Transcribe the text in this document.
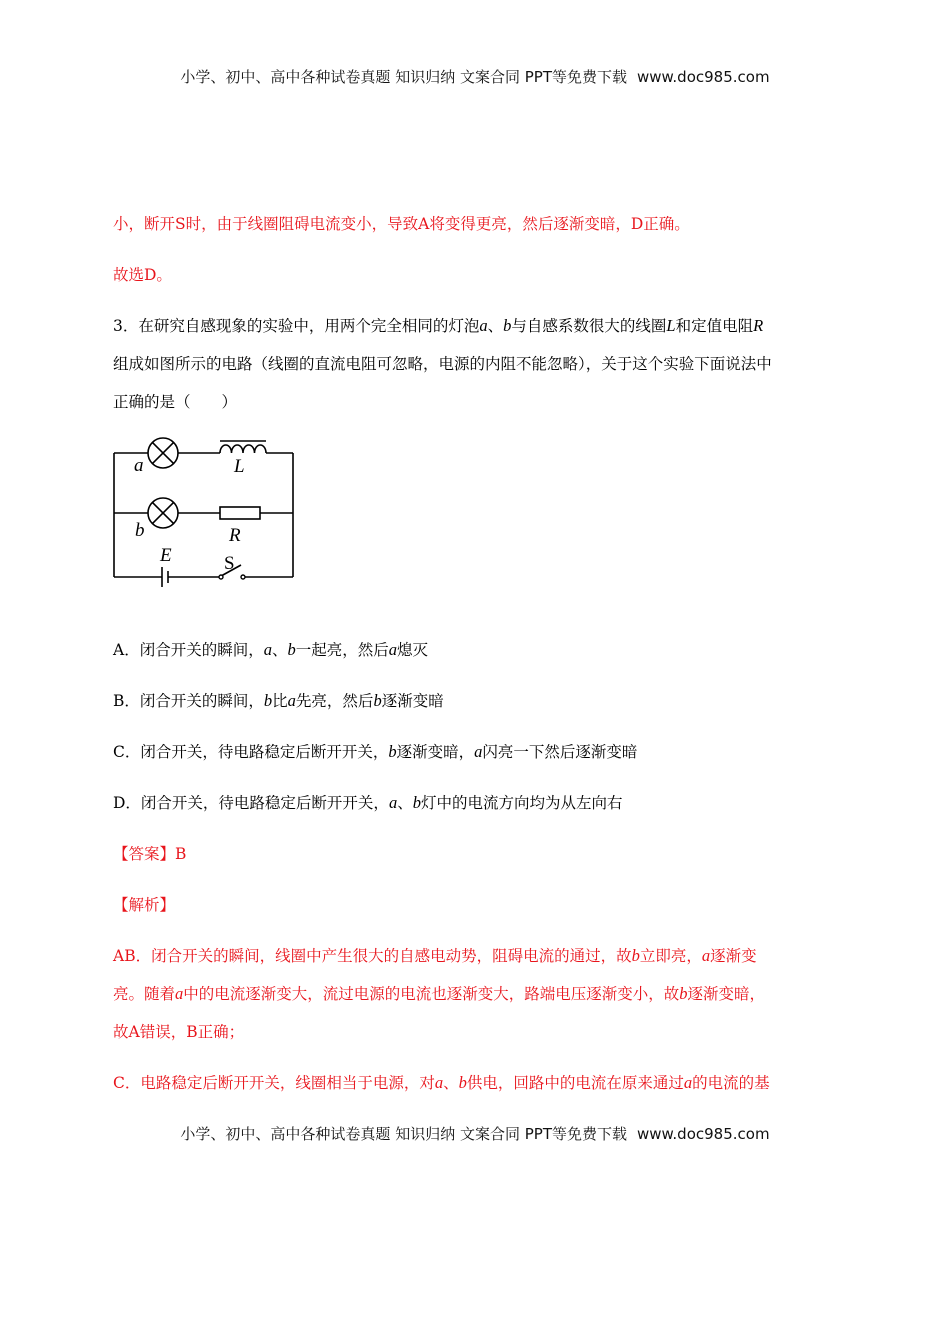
小学、初中、高中各种试卷真题 知识归纳 文案合同 PPT等免费下载 www.doc985.com
小，断开S时，由于线圈阻碍电流变小，导致A将变得更亮，然后逐渐变暗，D正确。
故选D。
3．在研究自感现象的实验中，用两个完全相同的灯泡a、b与自感系数很大的线圈L和定值电阻R
组成如图所示的电路（线圈的直流电阻可忽略，电源的内阻不能忽略），关于这个实验下面说法中
正确的是（　　）
a	L
b	R
E	S
A．闭合开关的瞬间，a、b一起亮，然后a熄灭
B．闭合开关的瞬间，b比a先亮，然后b逐渐变暗
C．闭合开关，待电路稳定后断开开关，b逐渐变暗，a闪亮一下然后逐渐变暗
D．闭合开关，待电路稳定后断开开关，a、b灯中的电流方向均为从左向右
【答案】B
【解析】
AB．闭合开关的瞬间，线圈中产生很大的自感电动势，阻碍电流的通过，故b立即亮，a逐渐变
亮。随着a中的电流逐渐变大，流过电源的电流也逐渐变大，路端电压逐渐变小，故b逐渐变暗，
故A错误，B正确；
C．电路稳定后断开开关，线圈相当于电源，对a、b供电，回路中的电流在原来通过a的电流的基
小学、初中、高中各种试卷真题 知识归纳 文案合同 PPT等免费下载 www.doc985.com
